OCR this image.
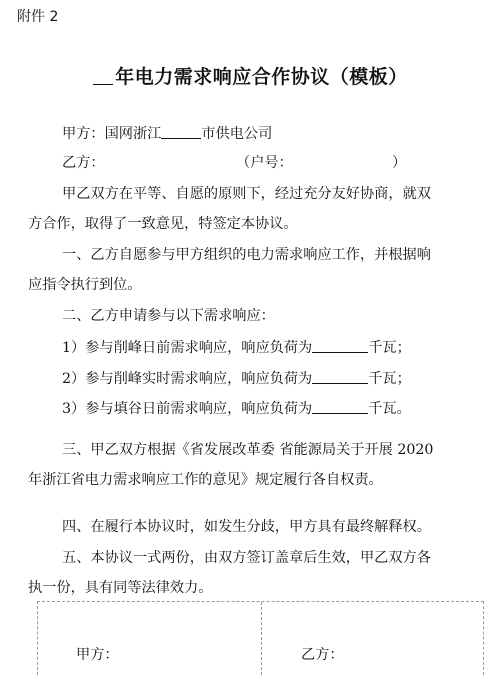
附件 2
年电力需求响应合作协议（模板）
甲方：国网浙江	市供电公司
乙方：	（户号：	）
甲乙双方在平等、自愿的原则下，经过充分友好协商，就双
方合作，取得了一致意见，特签定本协议。
一、乙方自愿参与甲方组织的电力需求响应工作，并根据响
应指令执行到位。
二、乙方申请参与以下需求响应：
1）参与削峰日前需求响应，响应负荷为	千瓦；
2）参与削峰实时需求响应，响应负荷为	千瓦；
3）参与填谷日前需求响应，响应负荷为	千瓦。
三、甲乙双方根据《省发展改革委 省能源局关于开展 2020
年浙江省电力需求响应工作的意见》规定履行各自权责。
四、在履行本协议时，如发生分歧，甲方具有最终解释权。
五、本协议一式两份，由双方签订盖章后生效，甲乙双方各
执一份，具有同等法律效力。
甲方：	乙方：
